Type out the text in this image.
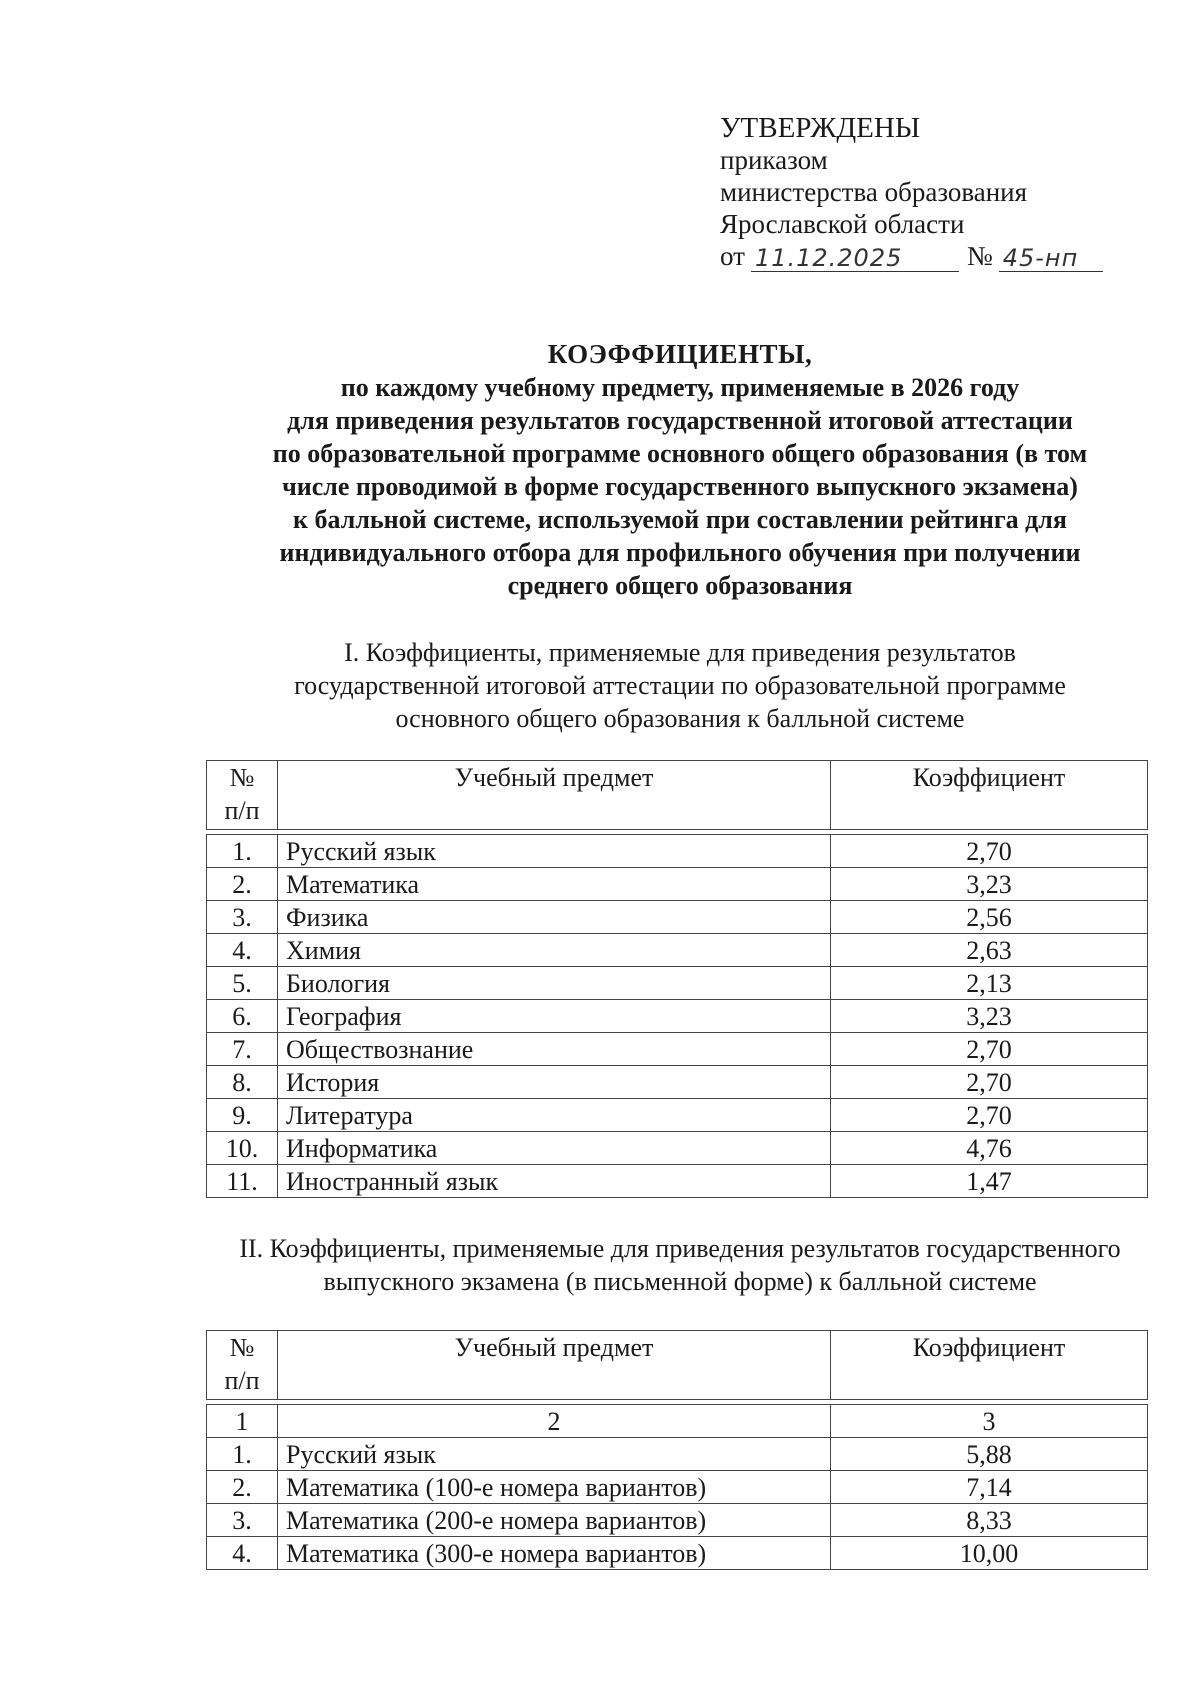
УТВЕРЖДЕНЫ
приказом
министерства образования
Ярославской области
от 11.12.2025	№ 45-нп
КОЭФФИЦИЕНТЫ,
по каждому учебному предмету, применяемые в 2026 году
для приведения результатов государственной итоговой аттестации
по образовательной программе основного общего образования (в том
числе проводимой в форме государственного выпускного экзамена)
к балльной системе, используемой при составлении рейтинга для
индивидуального отбора для профильного обучения при получении
среднего общего образования
I. Коэффициенты, применяемые для приведения результатов
государственной итоговой аттестации по образовательной программе
основного общего образования к балльной системе
№
п/п	Учебный предмет	Коэффициент

1.	Русский язык	2,70
2.	Математика	3,23
3.	Физика	2,56
4.	Химия	2,63
5.	Биология	2,13
6.	География	3,23
7.	Обществознание	2,70
8.	История	2,70
9.	Литература	2,70
10.	Информатика	4,76
11.	Иностранный язык	1,47
II. Коэффициенты, применяемые для приведения результатов государственного
выпускного экзамена (в письменной форме) к балльной системе
№
п/п	Учебный предмет	Коэффициент

1	2	3
1.	Русский язык	5,88
2.	Математика (100-е номера вариантов)	7,14
3.	Математика (200-е номера вариантов)	8,33
4.	Математика (300-е номера вариантов)	10,00
